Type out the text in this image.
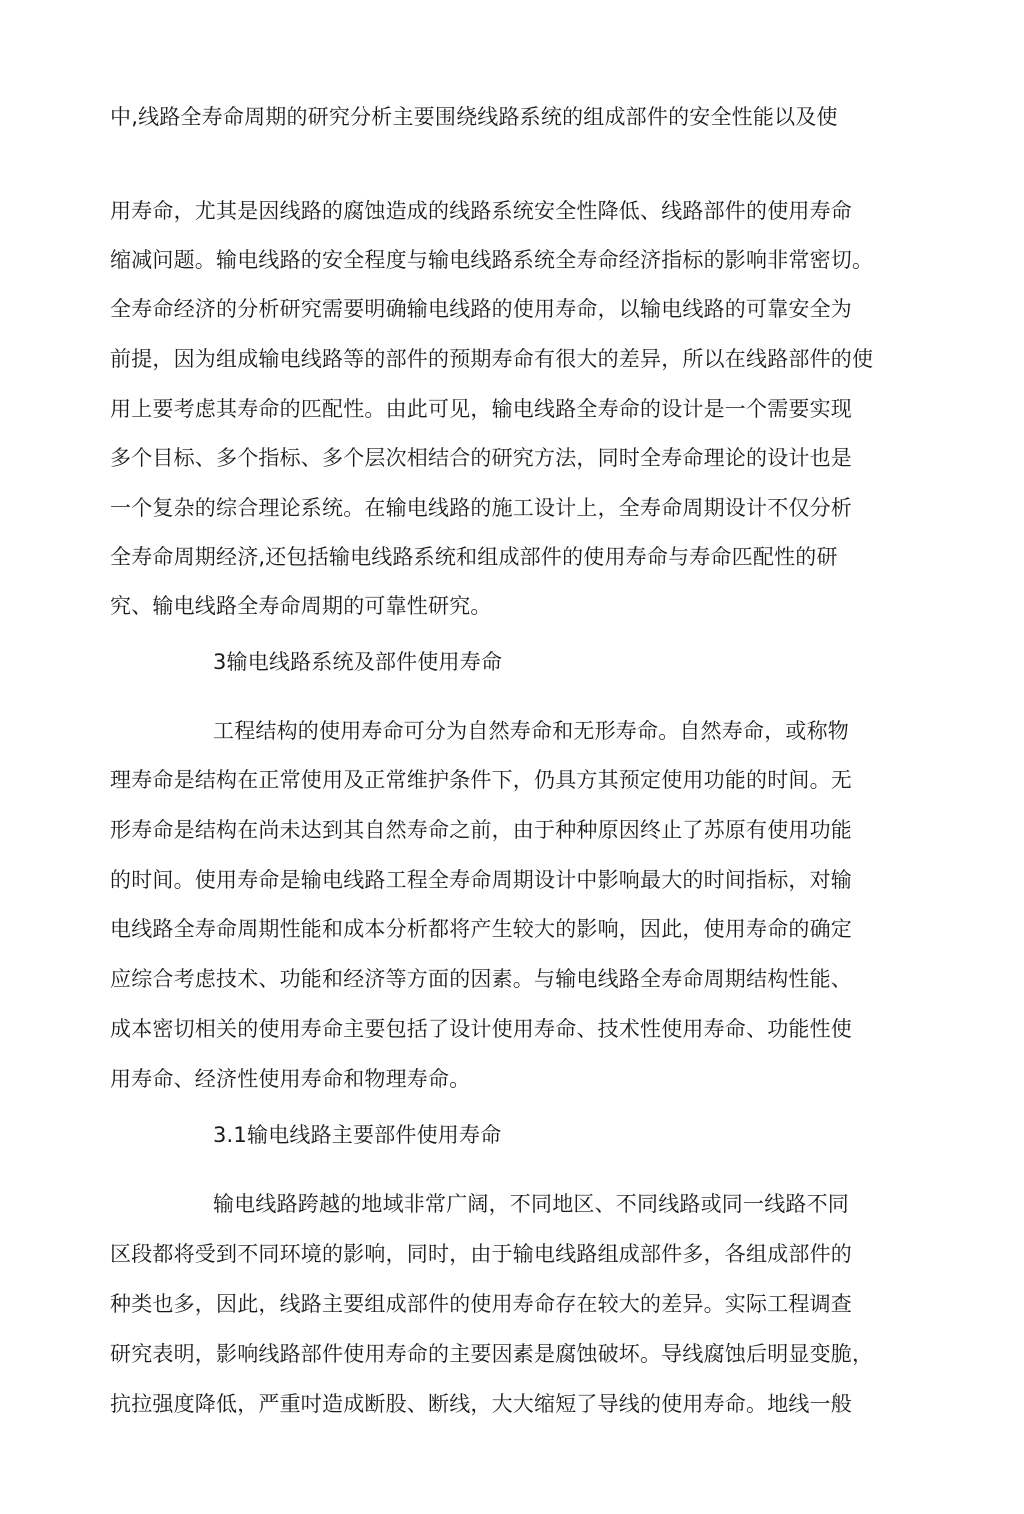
中,线路全寿命周期的研究分析主要围绕线路系统的组成部件的安全性能以及使
用寿命，尤其是因线路的腐蚀造成的线路系统安全性降低、线路部件的使用寿命
缩减问题。输电线路的安全程度与输电线路系统全寿命经济指标的影响非常密切。
全寿命经济的分析研究需要明确输电线路的使用寿命，以输电线路的可靠安全为
前提，因为组成输电线路等的部件的预期寿命有很大的差异，所以在线路部件的使
用上要考虑其寿命的匹配性。由此可见，输电线路全寿命的设计是一个需要实现
多个目标、多个指标、多个层次相结合的研究方法，同时全寿命理论的设计也是
一个复杂的综合理论系统。在输电线路的施工设计上，全寿命周期设计不仅分析
全寿命周期经济,还包括输电线路系统和组成部件的使用寿命与寿命匹配性的研
究、输电线路全寿命周期的可靠性研究。
3输电线路系统及部件使用寿命
工程结构的使用寿命可分为自然寿命和无形寿命。自然寿命，或称物
理寿命是结构在正常使用及正常维护条件下，仍具方其预定使用功能的时间。无
形寿命是结构在尚未达到其自然寿命之前，由于种种原因终止了苏原有使用功能
的时间。使用寿命是输电线路工程全寿命周期设计中影响最大的时间指标，对输
电线路全寿命周期性能和成本分析都将产生较大的影响，因此，使用寿命的确定
应综合考虑技术、功能和经济等方面的因素。与输电线路全寿命周期结构性能、
成本密切相关的使用寿命主要包括了设计使用寿命、技术性使用寿命、功能性使
用寿命、经济性使用寿命和物理寿命。
3.1输电线路主要部件使用寿命
输电线路跨越的地域非常广阔，不同地区、不同线路或同一线路不同
区段都将受到不同环境的影响，同时，由于输电线路组成部件多，各组成部件的
种类也多，因此，线路主要组成部件的使用寿命存在较大的差异。实际工程调查
研究表明，影响线路部件使用寿命的主要因素是腐蚀破坏。导线腐蚀后明显变脆，
抗拉强度降低，严重吋造成断股、断线，大大缩短了导线的使用寿命。地线一般
